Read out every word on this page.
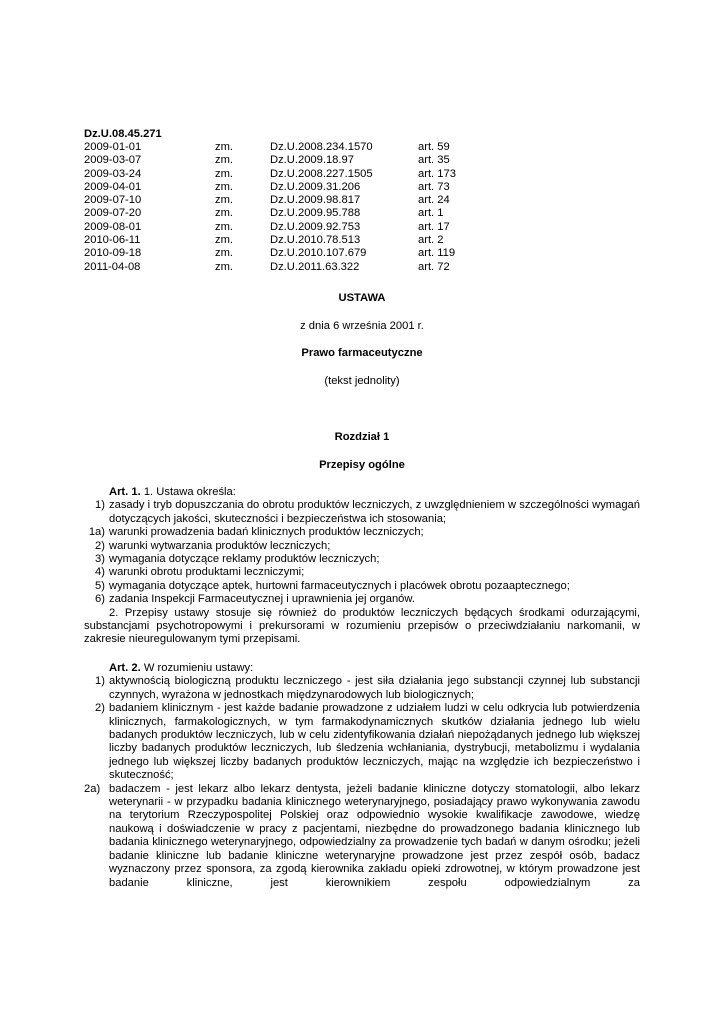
Dz.U.08.45.271
2009-01-01	zm.	Dz.U.2008.234.1570	art. 59
2009-03-07	zm.	Dz.U.2009.18.97	art. 35
2009-03-24	zm.	Dz.U.2008.227.1505	art. 173
2009-04-01	zm.	Dz.U.2009.31.206	art. 73
2009-07-10	zm.	Dz.U.2009.98.817	art. 24
2009-07-20	zm.	Dz.U.2009.95.788	art. 1
2009-08-01	zm.	Dz.U.2009.92.753	art. 17
2010-06-11	zm.	Dz.U.2010.78.513	art. 2
2010-09-18	zm.	Dz.U.2010.107.679	art. 119
2011-04-08	zm.	Dz.U.2011.63.322	art. 72
USTAWA
z dnia 6 września 2001 r.
Prawo farmaceutyczne
(tekst jednolity)
Rozdział 1
Przepisy ogólne
Art. 1. 1. Ustawa określa:
1) zasady i tryb dopuszczania do obrotu produktów leczniczych, z uwzględnieniem w szczególności wymagań dotyczących jakości, skuteczności i bezpieczeństwa ich stosowania;
1a) warunki prowadzenia badań klinicznych produktów leczniczych;
2) warunki wytwarzania produktów leczniczych;
3) wymagania dotyczące reklamy produktów leczniczych;
4) warunki obrotu produktami leczniczymi;
5) wymagania dotyczące aptek, hurtowni farmaceutycznych i placówek obrotu pozaaptecznego;
6) zadania Inspekcji Farmaceutycznej i uprawnienia jej organów.
2. Przepisy ustawy stosuje się również do produktów leczniczych będących środkami odurzającymi, substancjami psychotropowymi i prekursorami w rozumieniu przepisów o przeciwdziałaniu narkomanii, w zakresie nieuregulowanym tymi przepisami.
Art. 2. W rozumieniu ustawy:
1) aktywnością biologiczną produktu leczniczego - jest siła działania jego substancji czynnej lub substancji czynnych, wyrażona w jednostkach międzynarodowych lub biologicznych;
2) badaniem klinicznym - jest każde badanie prowadzone z udziałem ludzi w celu odkrycia lub potwierdzenia klinicznych, farmakologicznych, w tym farmakodynamicznych skutków działania jednego lub wielu badanych produktów leczniczych, lub w celu zidentyfikowania działań niepożądanych jednego lub większej liczby badanych produktów leczniczych, lub śledzenia wchłaniania, dystrybucji, metabolizmu i wydalania jednego lub większej liczby badanych produktów leczniczych, mając na względzie ich bezpieczeństwo i skuteczność;
2a) badaczem - jest lekarz albo lekarz dentysta, jeżeli badanie kliniczne dotyczy stomatologii, albo lekarz weterynarii - w przypadku badania klinicznego weterynaryjnego, posiadający prawo wykonywania zawodu na terytorium Rzeczypospolitej Polskiej oraz odpowiednio wysokie kwalifikacje zawodowe, wiedzę naukową i doświadczenie w pracy z pacjentami, niezbędne do prowadzonego badania klinicznego lub badania klinicznego weterynaryjnego, odpowiedzialny za prowadzenie tych badań w danym ośrodku; jeżeli badanie kliniczne lub badanie kliniczne weterynaryjne prowadzone jest przez zespół osób, badacz wyznaczony przez sponsora, za zgodą kierownika zakładu opieki zdrowotnej, w którym prowadzone jest badanie kliniczne, jest kierownikiem zespołu odpowiedzialnym za
